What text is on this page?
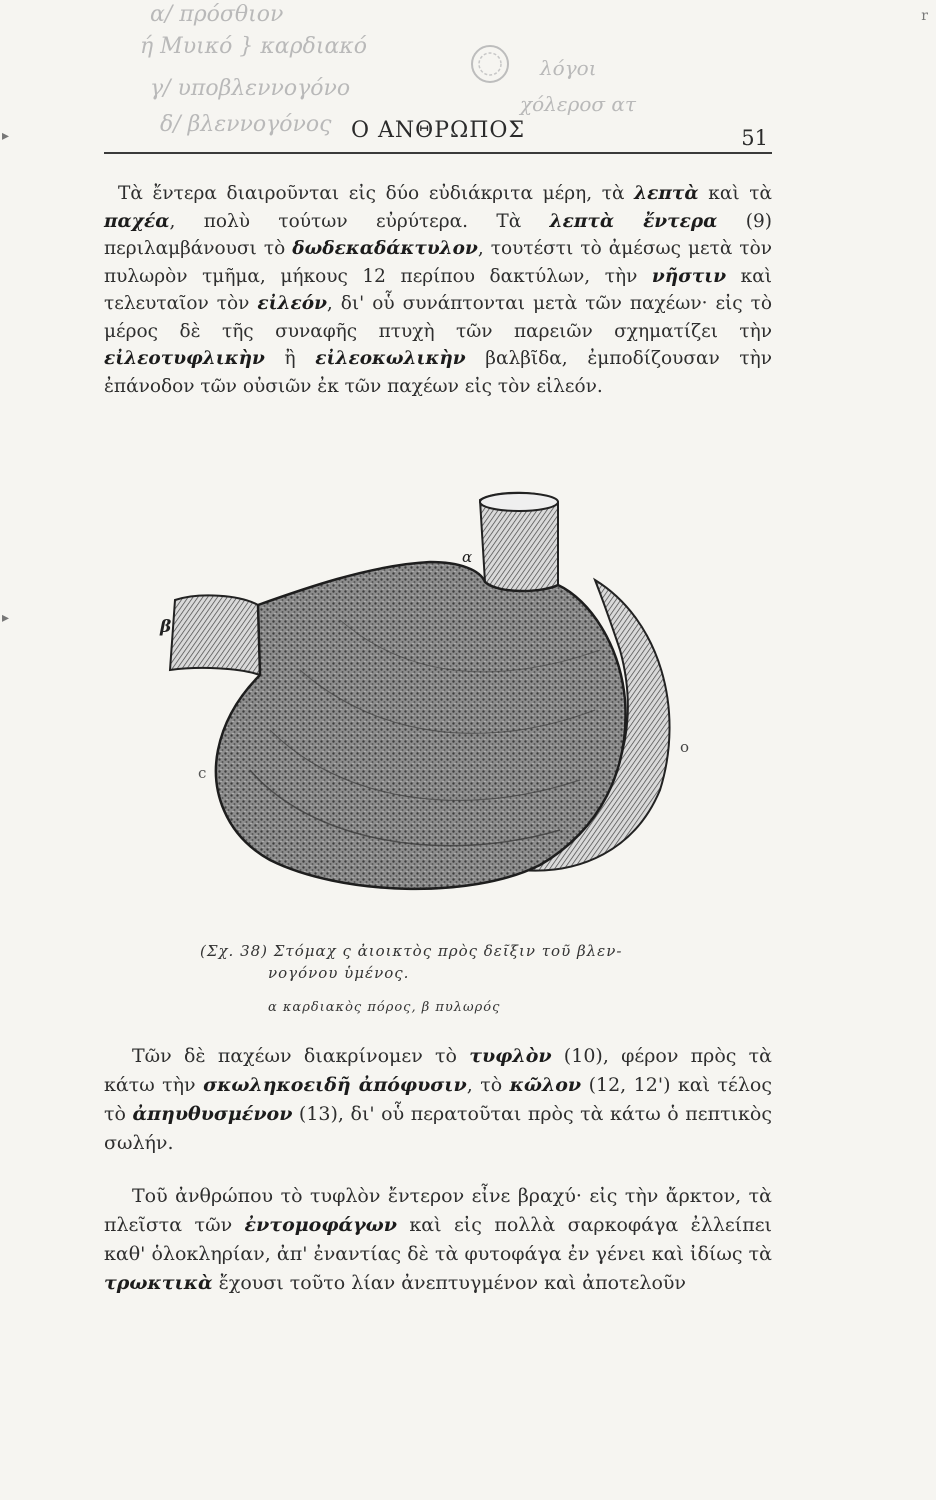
α/ πρόσθιον
ή Μυικό } καρδιακό
γ/ υποβλεννογόνο
δ/ βλεννογόνος
λόγοι
χόλεροσ ατ
Ο ΑΝΘΡΩΠΟΣ	51

Τὰ ἔντερα διαιροῦνται εἰς δύο εὐδιάκριτα μέρη, τὰ λεπτὰ καὶ τὰ παχέα, πολὺ τούτων εὐρύτερα. Τὰ λεπτὰ ἔντερα (9) περιλαμβάνουσι τὸ δωδεκαδάκτυλον, τουτέστι τὸ ἀμέσως μετὰ τὸν πυλωρὸν τμῆμα, μήκους 12 περίπου δακτύλων, τὴν νῆστιν καὶ τελευταῖον τὸν εἰλεόν, δι' οὗ συνάπτονται μετὰ τῶν παχέων· εἰς τὸ μέρος δὲ τῆς συναφῆς πτυχὴ τῶν παρειῶν σχηματίζει τὴν εἰλεοτυφλικὴν ἢ εἰλεοκωλικὴν βαλβῖδα, ἐμποδίζουσαν τὴν ἐπάνοδον τῶν οὐσιῶν ἐκ τῶν παχέων εἰς τὸν εἰλεόν.

α
β
c
ο
(Σχ. 38) Στόμαχ ς ἀιοικτὸς πρὸς δεῖξιν τοῦ βλεν-
νογόνου ὑμένος.
α καρδιακὸς πόρος, β πυλωρός

Τῶν δὲ παχέων διακρίνομεν τὸ τυφλὸν (10), φέρον πρὸς τὰ κάτω τὴν σκωληκοειδῆ ἀπόφυσιν, τὸ κῶλον (12, 12') καὶ τέλος τὸ ἀπηυθυσμένον (13), δι' οὗ περατοῦται πρὸς τὰ κάτω ὁ πεπτικὸς σωλήν.

Τοῦ ἀνθρώπου τὸ τυφλὸν ἔντερον εἶνε βραχύ· εἰς τὴν ἄρκτον, τὰ πλεῖστα τῶν ἐντομοφάγων καὶ εἰς πολλὰ σαρκοφάγα ἐλλείπει καθ' ὁλοκληρίαν, ἀπ' ἐναντίας δὲ τὰ φυτοφάγα ἐν γένει καὶ ἰδίως τὰ τρωκτικὰ ἔχουσι τοῦτο λίαν ἀνεπτυγμένον καὶ ἀποτελοῦν

▸
▸
r
